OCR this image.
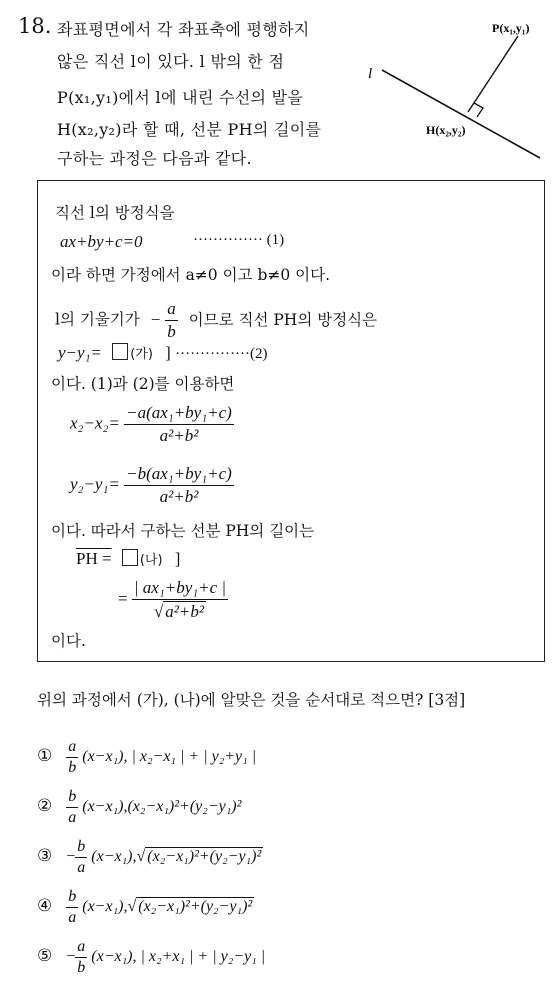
18. 좌표평면에서 각 좌표축에 평행하지
않은 직선 l이 있다. l 밖의 한 점
P(x₁,y₁)에서 l에 내린 수선의 발을
H(x₂,y₂)라 할 때, 선분 PH의 길이를
구하는 과정은 다음과 같다.
l
P(x₁,y₁)
H(x₂,y₂)
직선 l의 방정식을
ax+by+c=0	·············· (1)
이라 하면 가정에서 a≠0 이고 b≠0 이다.
l의 기울기가 − $\frac{a}{b}$ 이므로 직선 PH의 방정식은
y−y₁= (가) ] ···············(2)
이다. (1)과 (2)를 이용하면
$x_2-x_2= \frac{\text{−a(ax₁+by₁+c)}}{\text{a²+b²}}$
$y_2-y_1= \frac{\text{−b(ax₁+by₁+c)}}{\text{a²+b²}}$
이다. 따라서 구하는 선분 PH의 길이는
PH = (나) ]
= $\frac{\text{| ax₁+by₁+c |}}{\text{√ a²+b²}}$
이다.
위의 과정에서 (가), (나)에 알맞은 것을 순서대로 적으면? [3점]
① $\frac{a}{b} (x-x_1)$, | x₂−x₁ | + | y₂+y₁ |
② $\frac{b}{a} (x-x_1),(x_2-x_1)^2+(y_2-y_1)^2$
③ − $\frac{b}{a} (x-x_1),√$ (x₂−x₁)²+(y₂−y₁)²
④ $\frac{b}{a} (x-x_1),√$ (x₂−x₁)²+(y₂−y₁)²
⑤ − $\frac{a}{b} (x-x_1)$, | x₂+x₁ | + | y₂−y₁ |
